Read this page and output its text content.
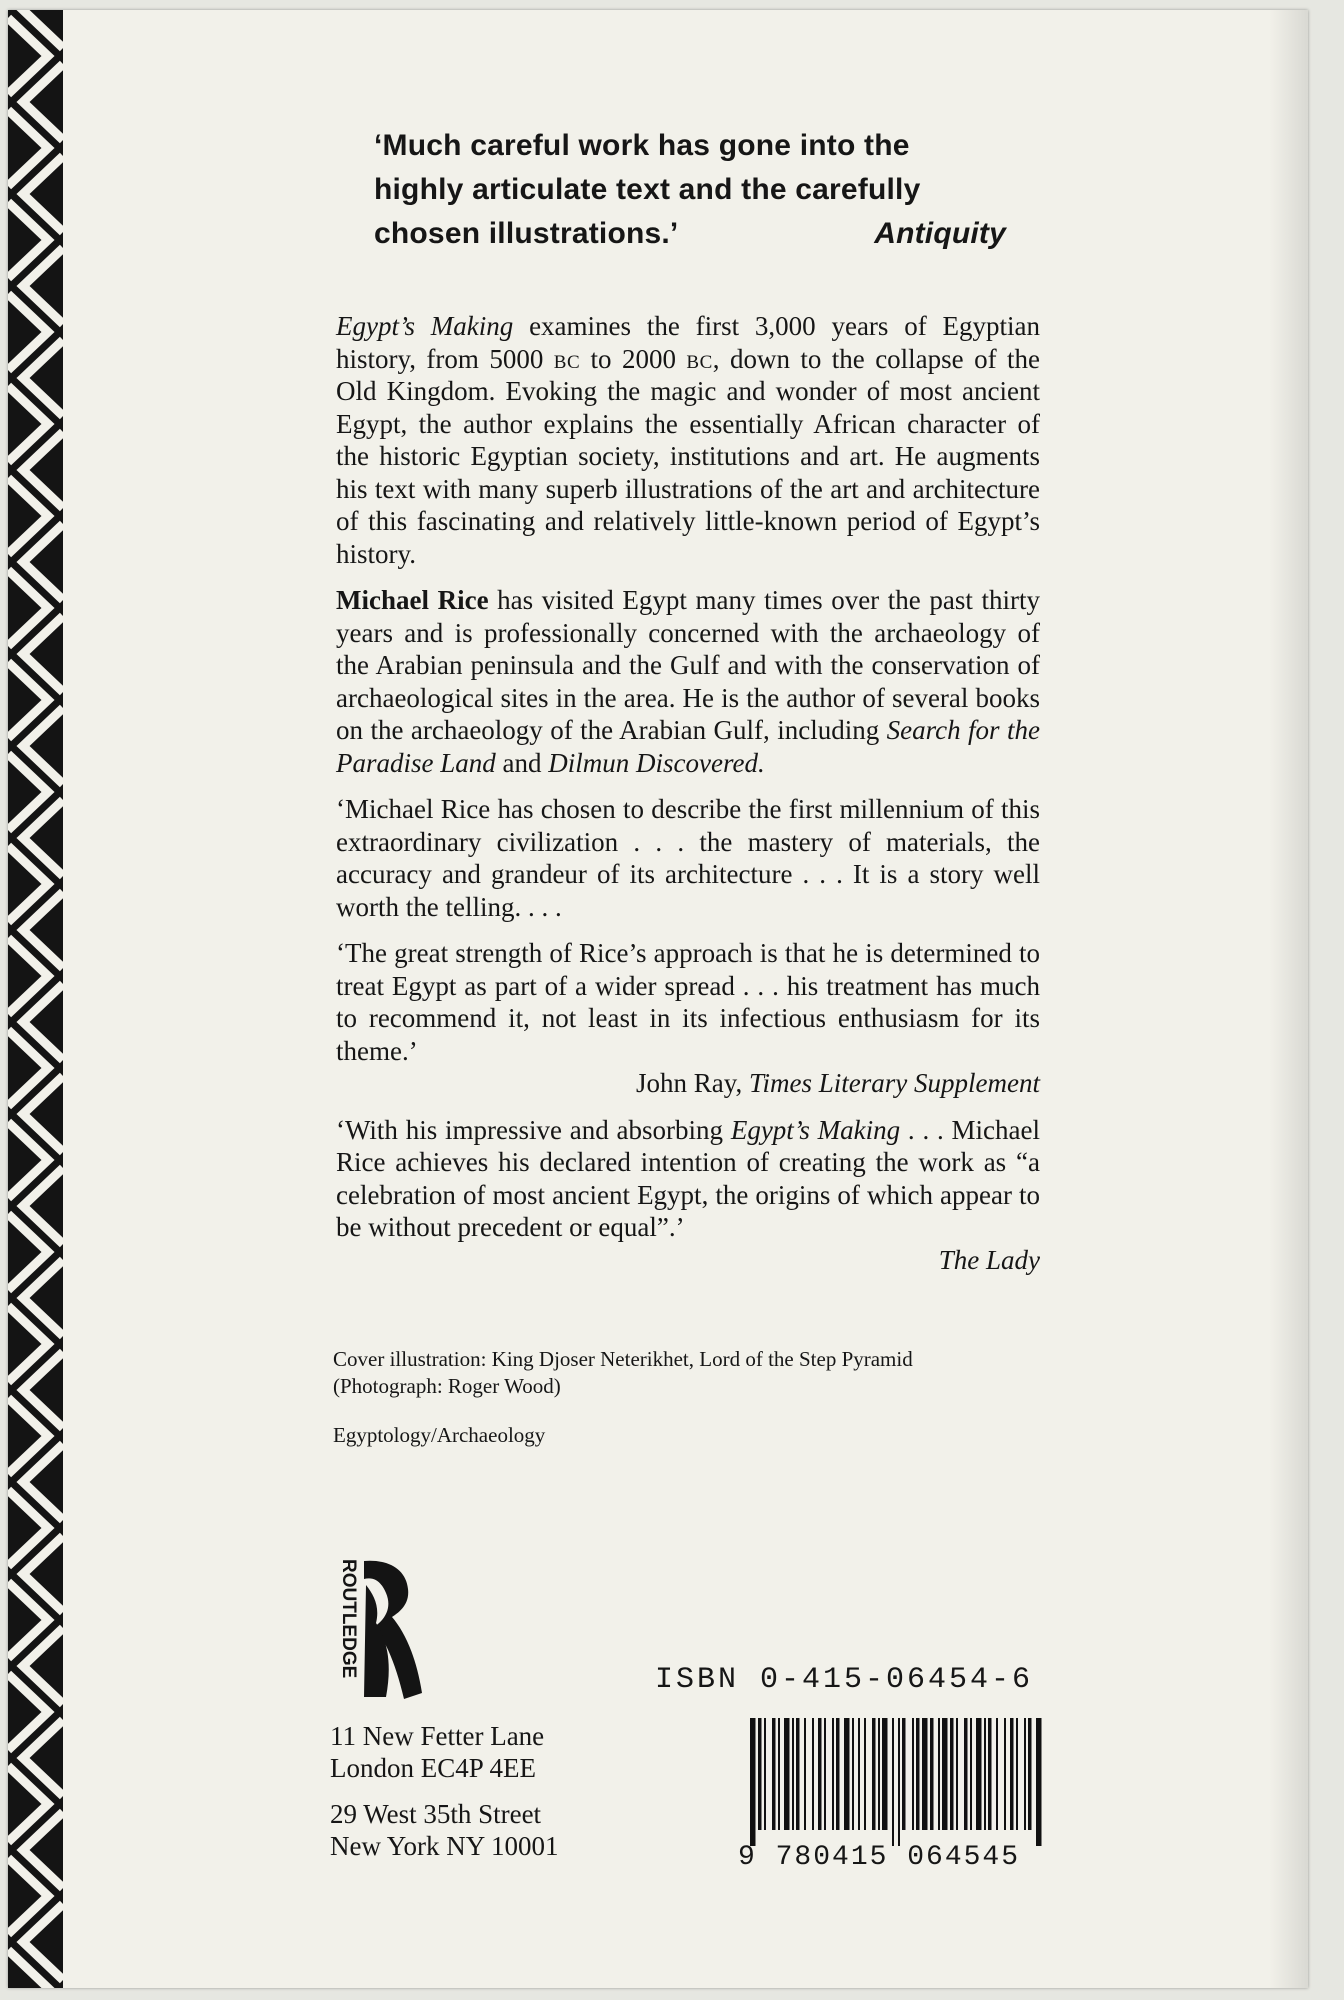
‘Much careful work has gone into the
highly articulate text and the carefully
chosen illustrations.’	Antiquity

Egypt’s Making examines the first 3,000 years of Egyptian history, from 5000 bc to 2000 bc, down to the collapse of the Old Kingdom. Evoking the magic and wonder of most ancient Egypt, the author explains the essentially African character of the historic Egyptian society, institutions and art. He augments his text with many superb illustrations of the art and architecture of this fascinating and relatively little-known period of Egypt’s history.

Michael Rice has visited Egypt many times over the past thirty years and is professionally concerned with the archaeology of the Arabian peninsula and the Gulf and with the conservation of archaeological sites in the area. He is the author of several books on the archaeology of the Arabian Gulf, including Search for the Paradise Land and Dilmun Discovered.

‘Michael Rice has chosen to describe the first millennium of this extraordinary civilization . . . the mastery of materials, the accuracy and grandeur of its architecture . . . It is a story well worth the telling. . . .

‘The great strength of Rice’s approach is that he is determined to treat Egypt as part of a wider spread . . . his treatment has much to recommend it, not least in its infectious enthusiasm for its theme.’

John Ray, Times Literary Supplement

‘With his impressive and absorbing Egypt’s Making . . . Michael Rice achieves his declared intention of creating the work as “a celebration of most ancient Egypt, the origins of which appear to be without precedent or equal”.’

The Lady

Cover illustration: King Djoser Neterikhet, Lord of the Step Pyramid
(Photograph: Roger Wood)
Egyptology/Archaeology
ROUTLEDGE
11 New Fetter Lane
London EC4P 4EE
29 West 35th Street
New York NY 10001
ISBN 0-415-06454-6
9 780415 064545
